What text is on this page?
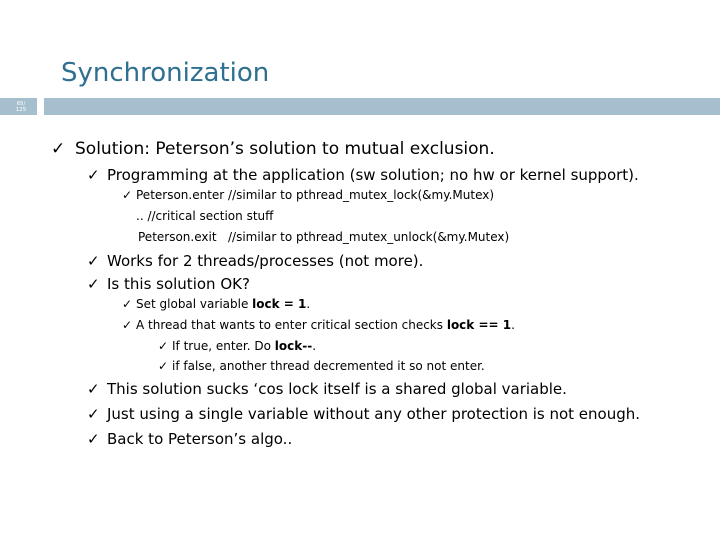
Synchronization
65/
125
✓ Solution: Peterson’s solution to mutual exclusion.
✓ Programming at the application (sw solution; no hw or kernel support).
✓ Peterson.enter //similar to pthread_mutex_lock(&my.Mutex)
.. //critical section stuff
Peterson.exit   //similar to pthread_mutex_unlock(&my.Mutex)
✓ Works for 2 threads/processes (not more).
✓ Is this solution OK?
✓ Set global variable lock = 1.
✓ A thread that wants to enter critical section checks lock == 1.
✓ If true, enter. Do lock--.
✓ if false, another thread decremented it so not enter.
✓ This solution sucks ‘cos lock itself is a shared global variable.
✓ Just using a single variable without any other protection is not enough.
✓ Back to Peterson’s algo..
